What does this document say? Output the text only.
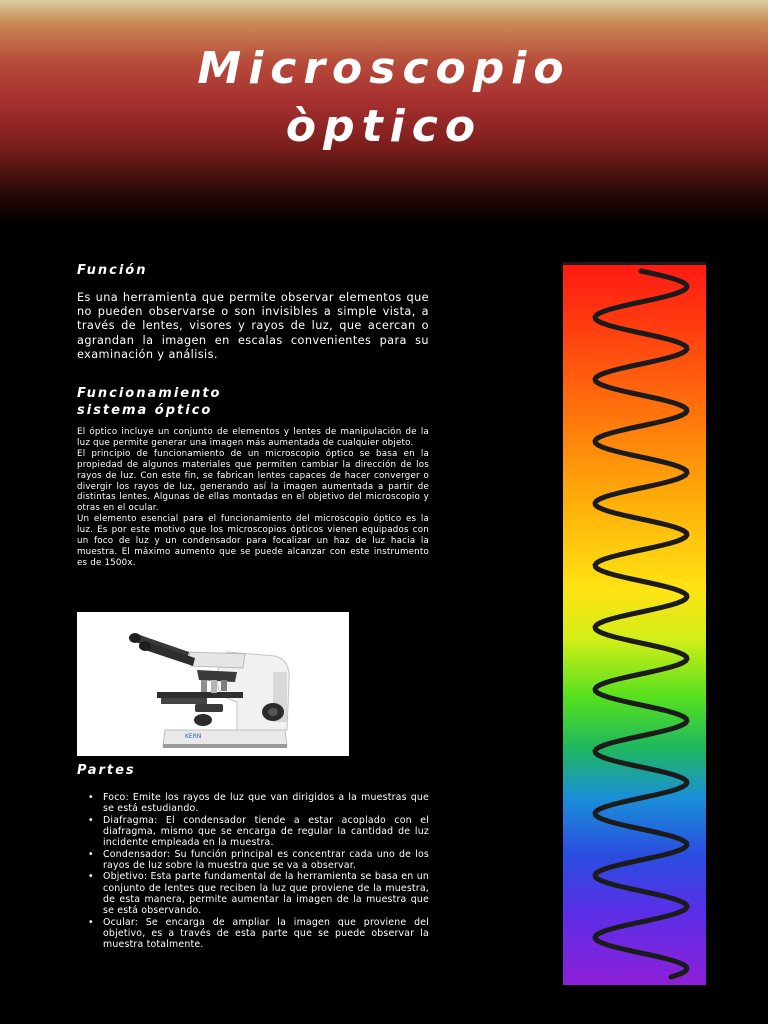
Microscopio
òptico
Función
Es una herramienta que permite observar elementos que no pueden observarse o son invisibles a simple vista, a través de lentes, visores y rayos de luz, que acercan o agrandan la imagen en escalas convenientes para su examinación y análisis.
Funcionamiento
sistema óptico
El óptico incluye un conjunto de elementos y lentes de manipulación de la luz que permite generar una imagen más aumentada de cualquier objeto.
El principio de funcionamiento de un microscopio óptico se basa en la propiedad de algunos materiales que permiten cambiar la dirección de los rayos de luz. Con este fin, se fabrican lentes capaces de hacer converger o divergir los rayos de luz, generando así la imagen aumentada a partir de distintas lentes. Algunas de ellas montadas en el objetivo del microscopio y otras en el ocular.
Un elemento esencial para el funcionamiento del microscopio óptico es la luz. Es por este motivo que los microscopios ópticos vienen equipados con un foco de luz y un condensador para focalizar un haz de luz hacia la muestra. El máximo aumento que se puede alcanzar con este instrumento es de 1500x.
KERN
Partes
• Foco: Emite los rayos de luz que van dirigidos a la muestras que se está estudiando.
• Diafragma: El condensador tiende a estar acoplado con el diafragma, mismo que se encarga de regular la cantidad de luz incidente empleada en la muestra.
• Condensador: Su función principal es concentrar cada uno de los rayos de luz sobre la muestra que se va a observar.
• Objetivo: Esta parte fundamental de la herramienta se basa en un conjunto de lentes que reciben la luz que proviene de la muestra, de esta manera, permite aumentar la imagen de la muestra que se está observando.
• Ocular: Se encarga de ampliar la imagen que proviene del objetivo, es a través de esta parte que se puede observar la muestra totalmente.
